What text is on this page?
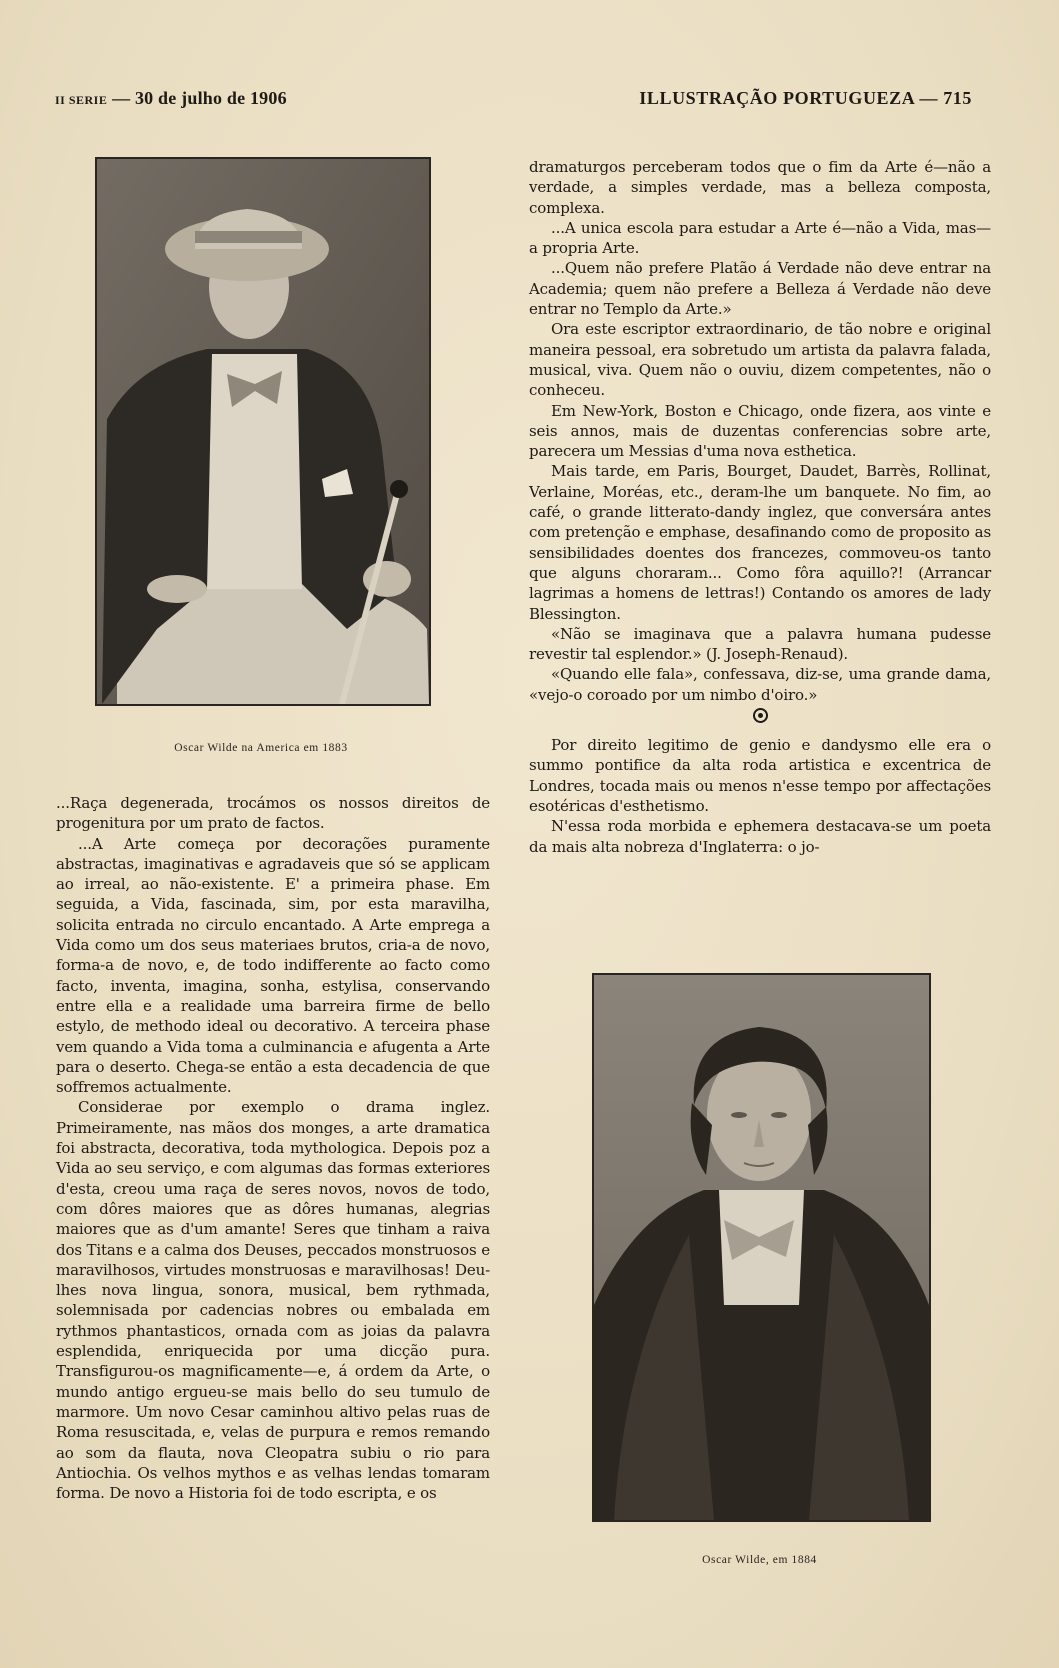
II SERIE — 30 de julho de 1906	ILLUSTRAÇÃO PORTUGUEZA — 715
Oscar Wilde na America em 1883

...Raça degenerada, trocámos os nossos direitos de progenitura por um prato de factos.

...A Arte começa por decorações puramente abstractas, imaginativas e agradaveis que só se applicam ao irreal, ao não-existente. E' a primeira phase. Em seguida, a Vida, fascinada, sim, por esta maravilha, solicita entrada no circulo encantado. A Arte emprega a Vida como um dos seus materiaes brutos, cria-a de novo, forma-a de novo, e, de todo indifferente ao facto como facto, inventa, imagina, sonha, estylisa, conservando entre ella e a realidade uma barreira firme de bello estylo, de methodo ideal ou decorativo. A terceira phase vem quando a Vida toma a culminancia e afugenta a Arte para o deserto. Chega-se então a esta decadencia de que soffremos actualmente.

Considerae por exemplo o drama inglez. Primeiramente, nas mãos dos monges, a arte dramatica foi abstracta, decorativa, toda mythologica. Depois poz a Vida ao seu serviço, e com algumas das formas exteriores d'esta, creou uma raça de seres novos, novos de todo, com dôres maiores que as dôres humanas, alegrias maiores que as d'um amante! Seres que tinham a raiva dos Titans e a calma dos Deuses, peccados monstruosos e maravilhosos, virtudes monstruosas e maravilhosas! Deu-lhes nova lingua, sonora, musical, bem rythmada, solemnisada por cadencias nobres ou embalada em rythmos phantasticos, ornada com as joias da palavra esplendida, enriquecida por uma dicção pura. Transfigurou-os magnificamente—e, á ordem da Arte, o mundo antigo ergueu-se mais bello do seu tumulo de marmore. Um novo Cesar caminhou altivo pelas ruas de Roma resuscitada, e, velas de purpura e remos remando ao som da flauta, nova Cleopatra subiu o rio para Antiochia. Os velhos mythos e as velhas lendas tomaram forma. De novo a Historia foi de todo escripta, e os

dramaturgos perceberam todos que o fim da Arte é—não a verdade, a simples verdade, mas a belleza composta, complexa.

...A unica escola para estudar a Arte é—não a Vida, mas—a propria Arte.

...Quem não prefere Platão á Verdade não deve entrar na Academia; quem não prefere a Belleza á Verdade não deve entrar no Templo da Arte.»

Ora este escriptor extraordinario, de tão nobre e original maneira pessoal, era sobretudo um artista da palavra falada, musical, viva. Quem não o ouviu, dizem competentes, não o conheceu.

Em New-York, Boston e Chicago, onde fizera, aos vinte e seis annos, mais de duzentas conferencias sobre arte, parecera um Messias d'uma nova esthetica.

Mais tarde, em Paris, Bourget, Daudet, Barrès, Rollinat, Verlaine, Moréas, etc., deram-lhe um banquete. No fim, ao café, o grande litterato-dandy inglez, que conversára antes com pretenção e emphase, desafinando como de proposito as sensibilidades doentes dos francezes, commoveu-os tanto que alguns choraram... Como fôra aquillo?! (Arrancar lagrimas a homens de lettras!) Contando os amores de lady Blessington.

«Não se imaginava que a palavra humana pudesse revestir tal esplendor.» (J. Joseph-Renaud).

«Quando elle fala», confessava, diz-se, uma grande dama, «vejo-o coroado por um nimbo d'oiro.»

Por direito legitimo de genio e dandysmo elle era o summo pontifice da alta roda artistica e excentrica de Londres, tocada mais ou menos n'esse tempo por affectações esotéricas d'esthetismo.

N'essa roda morbida e ephemera destacava-se um poeta da mais alta nobreza d'Inglaterra: o jo-

Oscar Wilde, em 1884
